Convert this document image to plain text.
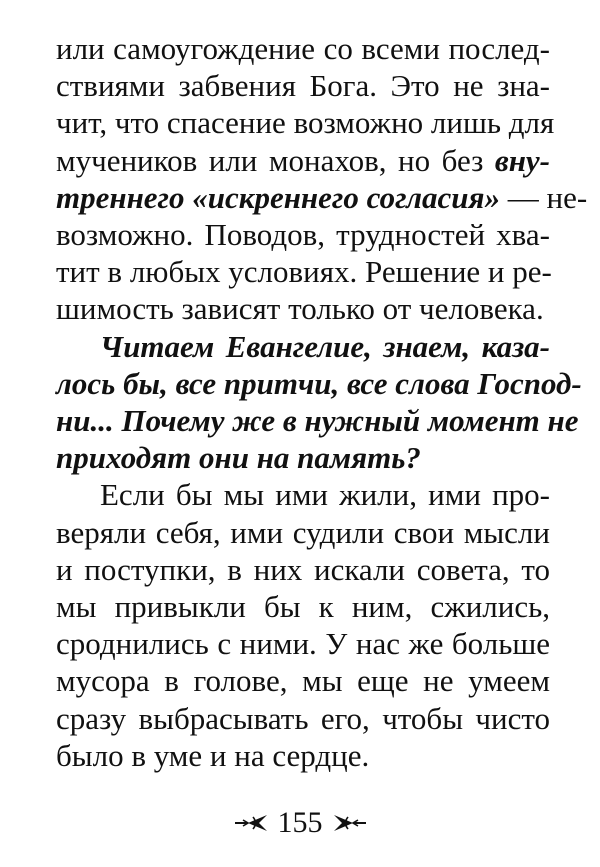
или самоугождение со всеми послед-
ствиями забвения Бога. Это не зна-
чит, что спасение возможно лишь для
мучеников или монахов, но без вну-
треннего «искреннего согласия» — не-
возможно. Поводов, трудностей хва-
тит в любых условиях. Решение и ре-
шимость зависят только от человека.
Читаем Евангелие, знаем, каза-
лось бы, все притчи, все слова Господ-
ни... Почему же в нужный момент не
приходят они на память?
Если бы мы ими жили, ими про-
веряли себя, ими судили свои мысли
и поступки, в них искали совета, то
мы привыкли бы к ним, сжились,
сроднились с ними. У нас же больше
мусора в голове, мы еще не умеем
сразу выбрасывать его, чтобы чисто
было в уме и на сердце.
155
